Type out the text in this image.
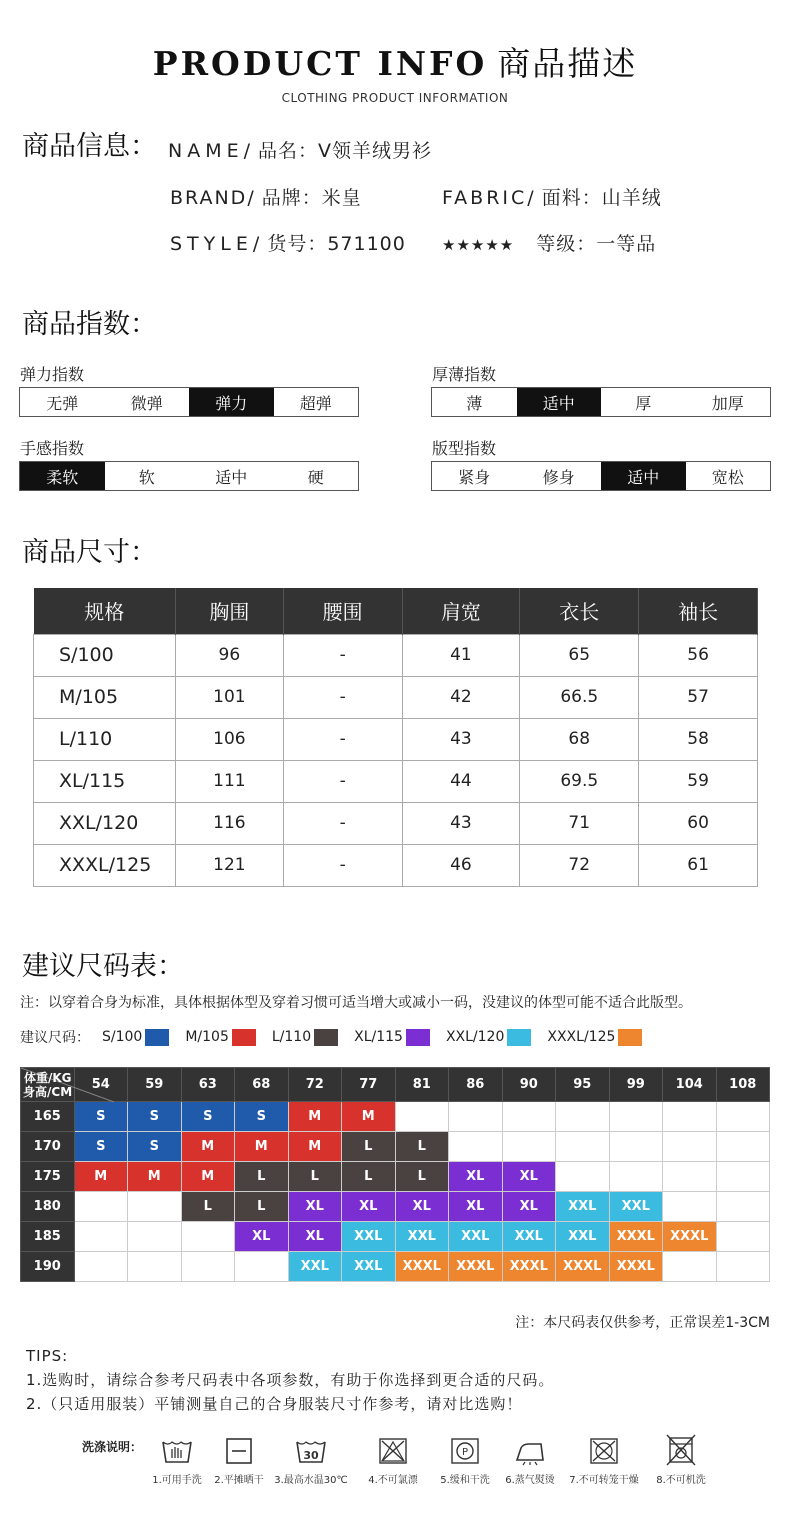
PRODUCT INFO 商品描述
CLOTHING PRODUCT INFORMATION
商品信息： NAME/ 品名：V领羊绒男衫
BRAND/ 品牌：米皇	FABRIC/ 面料：山羊绒
STYLE/ 货号：571100 ★★★★★ 等级：一等品
商品指数：
弹力指数
无弹	微弹	弹力	超弹
厚薄指数
薄	适中	厚	加厚
手感指数
柔软	软	适中	硬
版型指数
紧身	修身	适中	宽松
商品尺寸：
规格	胸围	腰围	肩宽	衣长	袖长
S/100	96	-	41	65	56
M/105	101	-	42	66.5	57
L/110	106	-	43	68	58
XL/115	111	-	44	69.5	59
XXL/120	116	-	43	71	60
XXXL/125	121	-	46	72	61
建议尺码表：
注：以穿着合身为标准，具体根据体型及穿着习惯可适当增大或减小一码，没建议的体型可能不适合此版型。
建议尺码： S/100	M/105	L/110	XL/115	XXL/120	XXXL/125
体重/KG
身高/CM	54	59	63	68	72	77	81	86	90	95	99	104	108
165	S	S	S	S	M	M							
170	S	S	M	M	M	L	L						
175	M	M	M	L	L	L	L	XL	XL				
180			L	L	XL	XL	XL	XL	XL	XXL	XXL		
185				XL	XL	XXL	XXL	XXL	XXL	XXL	XXXL	XXXL	
190					XXL	XXL	XXXL	XXXL	XXXL	XXXL	XXXL		
注：本尺码表仅供参考，正常误差1-3CM
TIPS:
1.选购时，请综合参考尺码表中各项参数，有助于你选择到更合适的尺码。
2.（只适用服装）平铺测量自己的合身服装尺寸作参考，请对比选购！
洗涤说明：
1.可用手洗	2.平摊晒干
30
3.最高水温30℃	4.不可氯漂
P
5.缓和干洗	6.蒸气熨烫	7.不可转笼干燥	8.不可机洗
